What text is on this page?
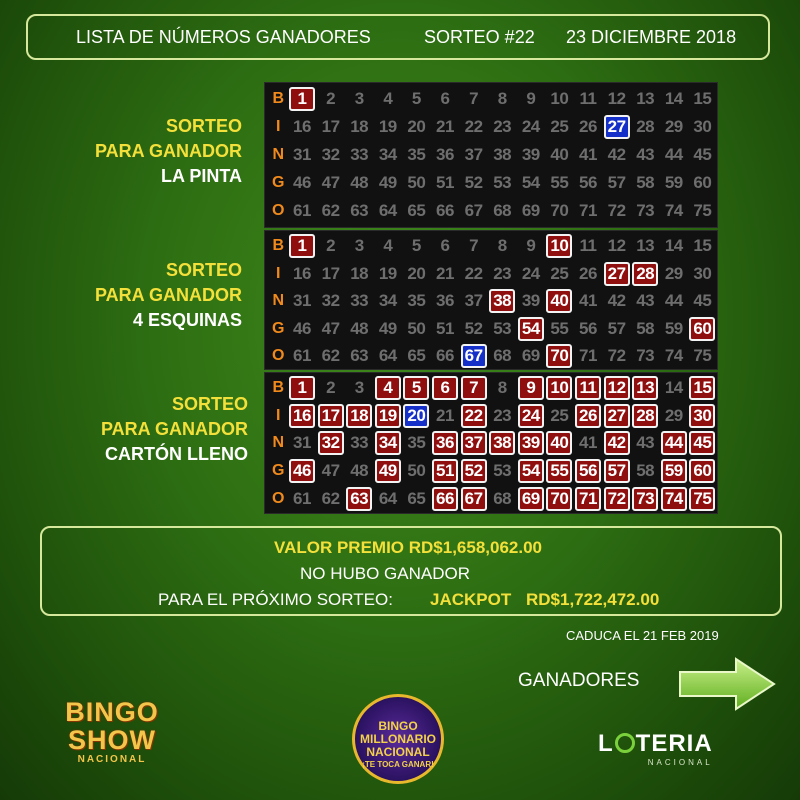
LISTA DE NÚMEROS GANADORES	SORTEO #22 23 DICIEMBRE 2018
SORTEO
PARA GANADOR
LA PINTA
SORTEO
PARA GANADOR
4 ESQUINAS
SORTEO
PARA GANADOR
CARTÓN LLENO
B 1	2	3	4	5	6	7	8	9 10 11 12 13 14 15
I 16 17 18 19 20 21 22 23 24 25 26 27 28 29 30
N 31 32 33 34 35 36 37 38 39 40 41 42 43 44 45
G 46 47 48 49 50 51 52 53 54 55 56 57 58 59 60
O 61 62 63 64 65 66 67 68 69 70 71 72 73 74 75
B 1	2	3	4	5	6	7	8	9 10 11 12 13 14 15
I 16 17 18 19 20 21 22 23 24 25 26 27 28 29 30
N 31 32 33 34 35 36 37 38 39 40 41 42 43 44 45
G 46 47 48 49 50 51 52 53 54 55 56 57 58 59 60
O 61 62 63 64 65 66 67 68 69 70 71 72 73 74 75
B 1	2	3	4	5	6	7	8	9 10 11 12 13 14 15
I 16 17 18 19 20 21 22 23 24 25 26 27 28 29 30
N 31 32 33 34 35 36 37 38 39 40 41 42 43 44 45
G 46 47 48 49 50 51 52 53 54 55 56 57 58 59 60
O 61 62 63 64 65 66 67 68 69 70 71 72 73 74 75
VALOR PREMIO RD$1,658,062.00
NO HUBO GANADOR
PARA EL PRÓXIMO SORTEO: JACKPOT RD$1,722,472.00
CADUCA EL 21 FEB 2019
GANADORES
BINGO
SHOW
NACIONAL
BINGO
MILLONARIO
NACIONAL
¡TE TOCA GANAR!
L TERIA
NACIONAL
